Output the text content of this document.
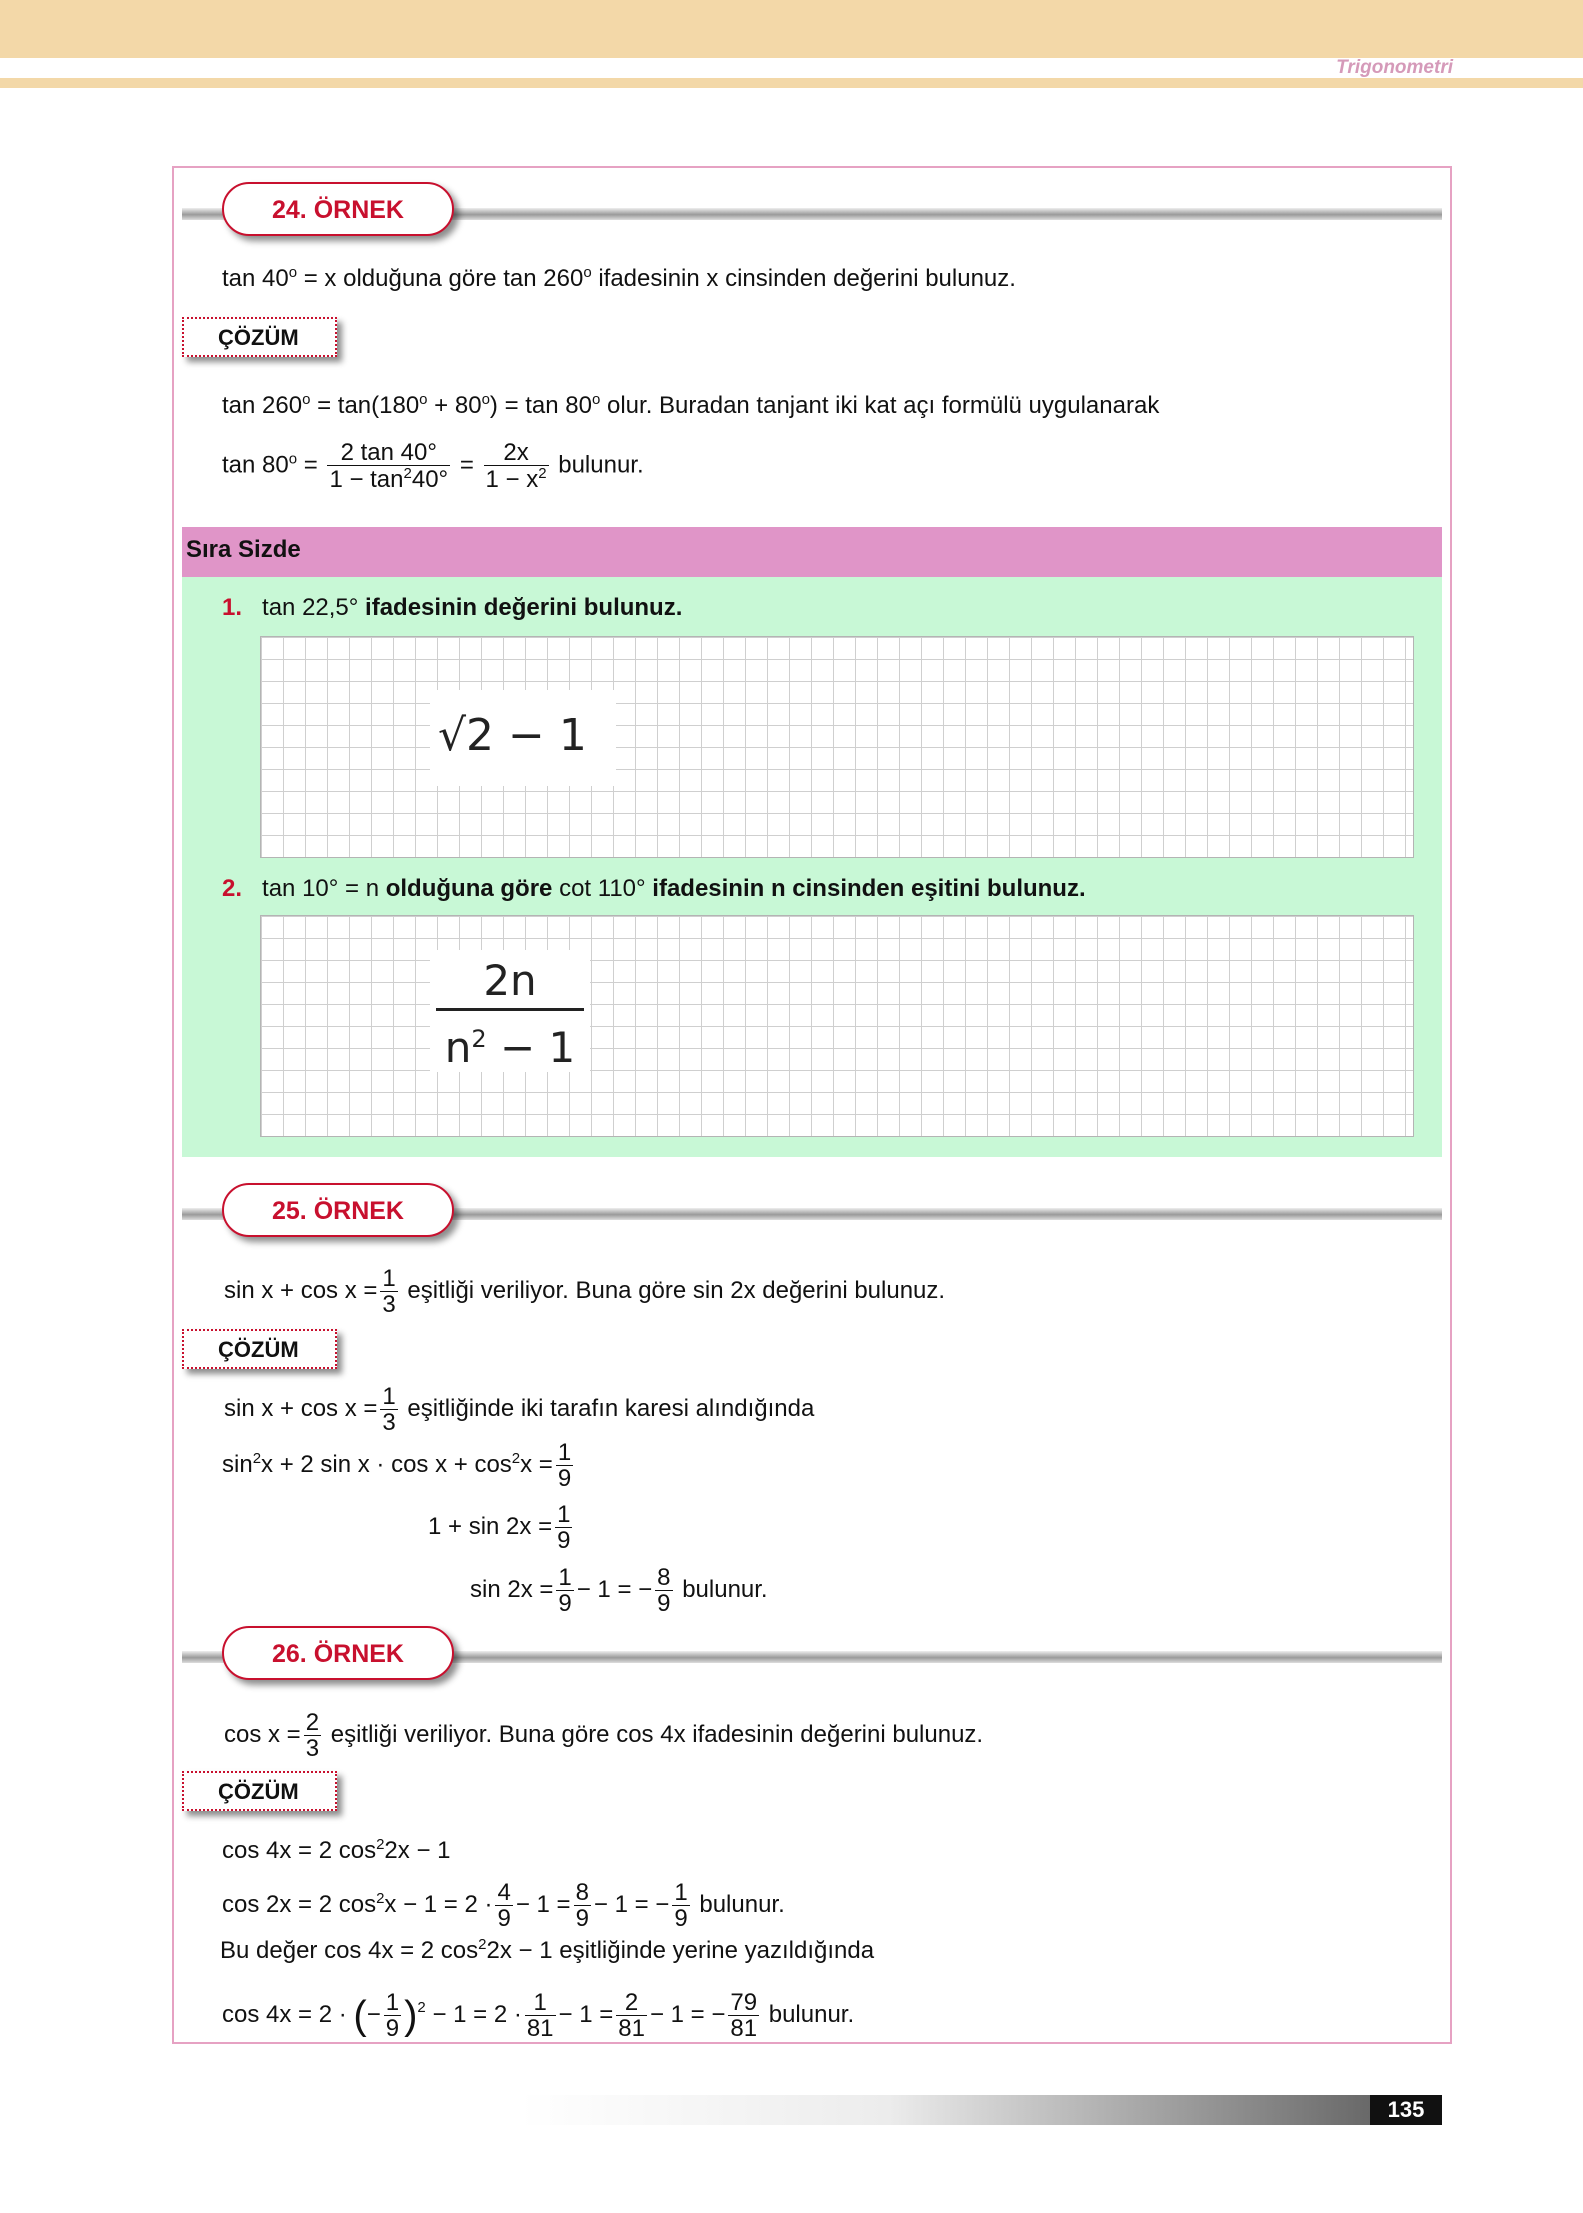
Trigonometri
24. ÖRNEK
$\tan 40^o = x$ olduğuna göre tan 260$^o$ ifadesinin x cinsinden değerini bulunuz.
ÇÖZÜM
$\tan 260^o = \tan(180^o + 80^o) = \tan 80^o$ olur. Buradan tanjant iki kat açı formülü uygulanarak
$\tan 80^o = \frac{2 \tan 40^\circ}{1 - \tan^240^\circ} = \frac{2x}{1 - x^2}$ bulunur.
Sıra Sizde
1. tan 22,5° ifadesinin değerini bulunuz.
√2 − 1
2. tan 10° = n olduğuna göre cot 110° ifadesinin n cinsinden eşitini bulunuz.
2n
$n^2 - 1$
25. ÖRNEK
$\sin x + \cos x = \frac{1}{3}$ eşitliği veriliyor. Buna göre sin 2x değerini bulunuz.
ÇÖZÜM
$\sin x + \cos x = \frac{1}{3}$ eşitliğinde iki tarafın karesi alındığında
$\sin^2x + 2$ $\sin x \cdot \cos x + \cos^2x = \frac{1}{9}$
$1 + \sin 2x = \frac{1}{9}$
$\sin 2x = \frac{1}{9} - 1$ = − $\frac{8}{9}$ bulunur.
26. ÖRNEK
$\cos x = \frac{2}{3}$ eşitliği veriliyor. Buna göre cos 4x ifadesinin değerini bulunuz.
ÇÖZÜM
cos 4x = 2 $\cos^22x - 1$
cos 2x = 2 $\cos^2x - 1 = 2 \cdot \frac{4}{9} - 1 = \frac{8}{9} - 1$ = − $\frac{1}{9}$ bulunur.
Bu değer cos 4x = 2 $\cos^22x - 1$ eşitliğinde yerine yazıldığında
cos 4x = 2 · (− $\frac{1}{9} )^2 - 1 = 2 \cdot \frac{1}{81} - 1 = \frac{2}{81} - 1$ = − $\frac{79}{81}$ bulunur.
135
